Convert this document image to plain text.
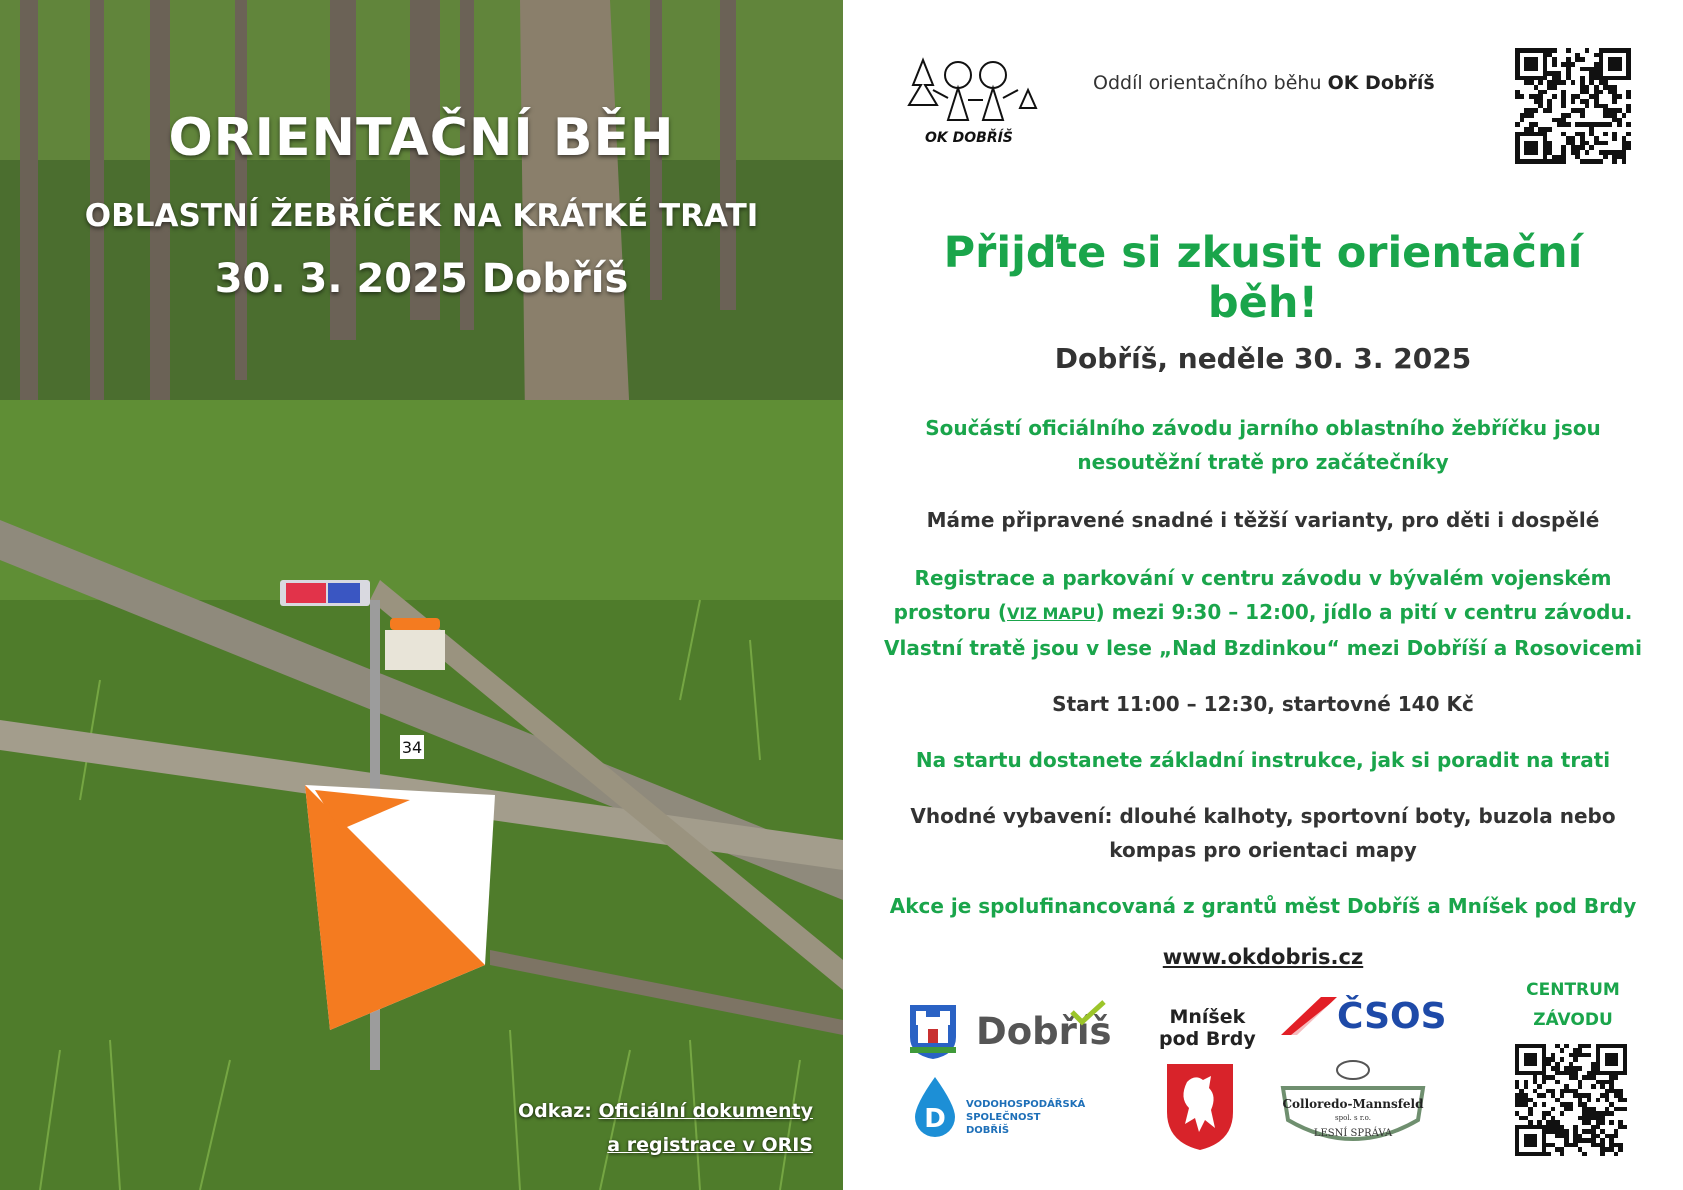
34
ORIENTAČNÍ BĚH
OBLASTNÍ ŽEBŘÍČEK NA KRÁTKÉ TRATI
30. 3. 2025 Dobříš
Odkaz: Oficiální dokumenty
a registrace v ORIS
OK DOBŘÍŠ
Oddíl orientačního běhu OK Dobříš
Přijďte si zkusit orientační běh!

Dobříš, neděle 30. 3. 2025

Součástí oficiálního závodu jarního oblastního žebříčku jsou nesoutěžní tratě pro začátečníky

Máme připravené snadné i těžší varianty, pro děti i dospělé

Registrace a parkování v centru závodu v bývalém vojenském prostoru (VIZ MAPU) mezi 9:30 – 12:00, jídlo a pití v centru závodu. Vlastní tratě jsou v lese „Nad Bzdinkou“ mezi Dobříší a Rosovicemi

Start 11:00 – 12:30, startovné 140 Kč

Na startu dostanete základní instrukce, jak si poradit na trati

Vhodné vybavení: dlouhé kalhoty, sportovní boty, buzola nebo kompas pro orientaci mapy

Akce je spolufinancovaná z grantů měst Dobříš a Mníšek pod Brdy

www.okdobris.cz

Dobříš	Mníšek
pod Brdy
ČSOS
D VODOHOSPODÁŘSKÁ
SPOLEČNOST
DOBŘÍŠ
Colloredo-Mannsfeld
spol. s r.o.
LESNÍ SPRÁVA
CENTRUM
ZÁVODU
